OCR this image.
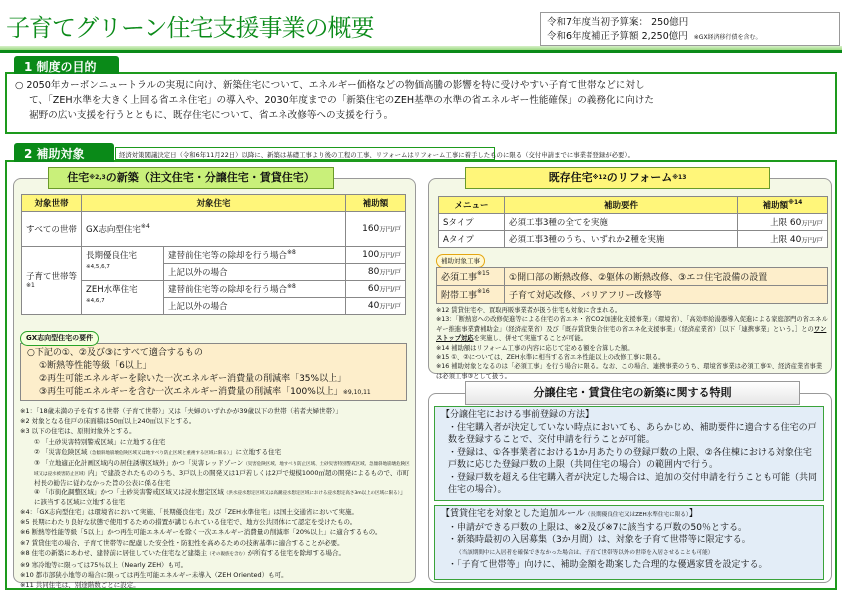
子育てグリーン住宅支援事業の概要	令和7年度当初予算案： 250億円
令和6年度補正予算額 2,250億円 ※GX経済移行債を含む。

○ 2050年カーボンニュートラルの実現に向け、新築住宅について、エネルギー価格などの物価高騰の影響を特に受けやすい子育て世帯などに対し
て、「ZEH水準を大きく上回る省エネ住宅」の導入や、2030年度までの「新築住宅のZEH基準の水準の省エネルギー性能確保」の義務化に向けた
裾野の広い支援を行うとともに、既存住宅について、省エネ改修等への支援を行う。

1 制度の目的
2 補助対象	経済対策閣議決定日（令和6年11月22日）以降に、新築は基礎工事より後の工程の工事、リフォームはリフォーム工事に着手したものに限る（交付申請までに事業者登録が必要）。
住宅$^{※2,3}$の新築（注文住宅・分譲住宅・賃貸住宅）
対象世帯	対象住宅		補助額
すべての世帯	GX志向型住宅$^{※4}$		160万円/戸
子育て世帯等$^{※1}$	長期優良住宅
※4,5,6,7	建替前住宅等の除却を行う場合$^{※8}$	100万円/戸
		上記以外の場合	80万円/戸
	ZEH水準住宅
※4,6,7	建替前住宅等の除却を行う場合$^{※8}$	60万円/戸
		上記以外の場合	40万円/戸
○下記の①、②及び③にすべて適合するもの
①断熱等性能等級「6以上」
②再生可能エネルギーを除いた一次エネルギー消費量の削減率「35%以上」
③再生可能エネルギーを含む一次エネルギー消費量の削減率「100%以上」$^{※9,10,11}$
GX志向型住宅の要件
※1：「18歳未満の子を有する世帯（子育て世帯）」又は「夫婦のいずれかが39歳以下の世帯（若者夫婦世帯）」
※2 対象となる住戸の床面積は50㎡以上240㎡以下とする。
※3 以下の住宅は、原則対象外とする。
① 「土砂災害特別警戒区域」に立地する住宅
② 「災害危険区域（急傾斜地崩壊危険区域又は地すべり防止区域と重複する区域に限る）」に立地する住宅
③ 「立地適正化計画区域内の居住誘導区域外」かつ「災害レッドゾーン（災害危険区域、地すべり防止区域、土砂災害特別警戒区域、急傾斜地崩壊危険区域又は浸水被害防止区域）内」で建設されたもののうち、3戸以上の開発又は1戸若しくは2戸で規模1000㎡超の開発によるもので、市町村長の勧告に従わなかった旨の公表に係る住宅
④ 「市街化調整区域」かつ「土砂災害警戒区域又は浸水想定区域（洪水浸水想定区域又は高潮浸水想定区域における浸水想定高さ3m以上の区域に限る）」に該当する区域に立地する住宅
※4：「GX志向型住宅」は環境省において実施、「長期優良住宅」及び「ZEH水準住宅」は国土交通省において実施。
※5 長期にわたり良好な状態で使用するための措置が講じられている住宅で、地方公共団体にて認定を受けたもの。
※6 断熱等性能等級「5以上」かつ再生可能エネルギーを除く一次エネルギー消費量の削減率「20%以上」に適合するもの。
※7 賃貸住宅の場合、子育て世帯等に配慮した安全性・防犯性を高めるための技術基準に適合することが必要。
※8 住宅の新築にあわせ、建替前に居住していた住宅など建築主（その親族を含む）が所有する住宅を除却する場合。
※9 寒冷地等に限っては75％以上（Nearly ZEH）も可。
※10 都市部狭小地等の場合に限っては再生可能エネルギー未導入（ZEH Oriented）も可。
※11 共同住宅は、別途階数ごとに設定。
既存住宅$^{※12}$のリフォーム$^{※13}$
メニュー	補助要件	補助額$^{※14}$
Sタイプ	必須工事3種の全てを実施	上限 60万円/戸
Aタイプ	必須工事3種のうち、いずれか2種を実施	上限 40万円/戸
補助対象工事
必須工事$^{※15}$	①開口部の断熱改修、②躯体の断熱改修、③エコ住宅設備の設置
附帯工事$^{※16}$	子育て対応改修、バリアフリー改修等
※12 賃貸住宅や、買取再販事業者が扱う住宅も対象に含まれる。
※13：「断熱窓への改修促進等による住宅の省エネ・省CO2加速化支援事業」（環境省）、「高効率給湯器導入促進による家庭部門の省エネルギー推進事業費補助金」（経済産業省）及び「既存賃貸集合住宅の省エネ化支援事業」（経済産業省）［以下「連携事業」という。］とのワンストップ対応を実施し、併せて実施することが可能。
※14 補助額はリフォーム工事の内容に応じて定める額を合算した額。
※15 ①、②については、ZEH水準に相当する省エネ性能以上の改修工事に限る。
※16 補助対象となるのは「必須工事」を行う場合に限る。なお、この場合、連携事業のうち、環境省事業は必須工事①、経済産業省事業は必須工事③として扱う。
分譲住宅・賃貸住宅の新築に関する特則
【分譲住宅における事前登録の方法】
・住宅購入者が決定していない時点においても、あらかじめ、補助要件に適合する住宅の戸数を登録することで、交付申請を行うことが可能。
・登録は、①各事業者における1か月あたりの登録戸数の上限、②各住棟における対象住宅戸数に応じた登録戸数の上限（共同住宅の場合）の範囲内で行う。
・登録戸数を超える住宅購入者が決定した場合は、追加の交付申請を行うことも可能（共同住宅の場合）。
【賃貸住宅を対象とした追加ルール（長期優良住宅又はZEH水準住宅に限る）】
・申請ができる戸数の上限は、※2及び※7に該当する戸数の50％とする。
・新築時最初の入居募集（3か月間）は、対象を子育て世帯等に限定する。
（当該期間中に入居者を確保できなかった場合は、子育て世帯等以外の世帯を入居させることも可能）
・「子育て世帯等」向けに、補助金額を勘案した合理的な優遇家賃を設定する。
